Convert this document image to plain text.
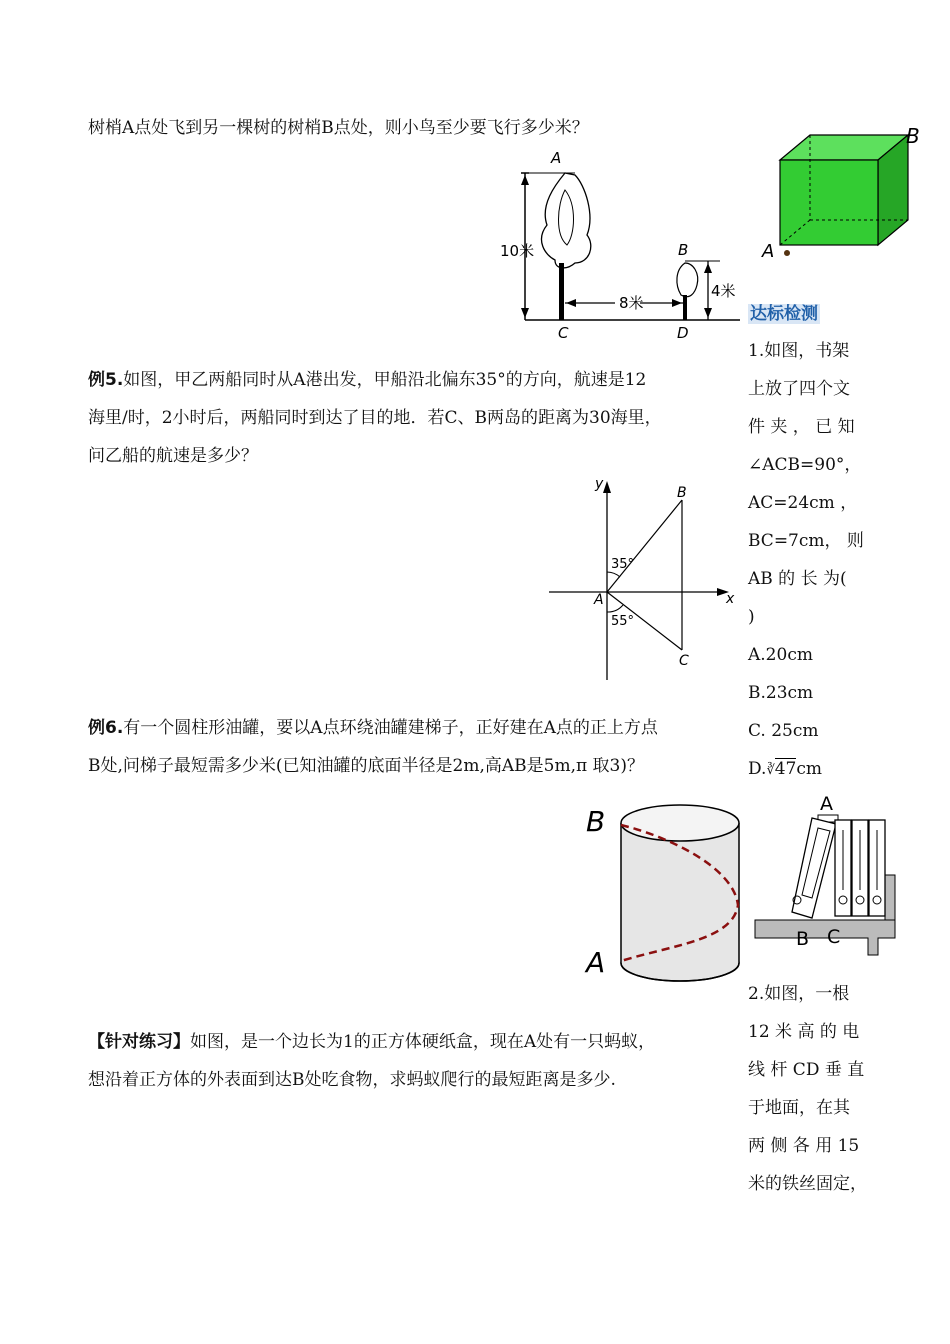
树梢A点处飞到另一棵树的树梢B点处，则小鸟至少要飞行多少米？
A
B
C	D
10米
4米
8米
A
B
例5.如图，甲乙两船同时从A港出发，甲船沿北偏东35°的方向，航速是12
海里/时，2小时后，两船同时到达了目的地．若C、B两岛的距离为30海里，
问乙船的航速是多少？
y
x
A
B
C
35°
55°
例6.有一个圆柱形油罐，要以A点环绕油罐建梯子，正好建在A点的正上方点
B处,问梯子最短需多少米(已知油罐的底面半径是2m,高AB是5m,π 取3)？
B
A
【针对练习】如图，是一个边长为1的正方体硬纸盒，现在A处有一只蚂蚁，
想沿着正方体的外表面到达B处吃食物，求蚂蚁爬行的最短距离是多少.
达标检测
1.如图，书架
上放了四个文
件 夹 ， 已 知
∠ACB=90°，
AC=24cm ，
BC=7cm， 则
AB 的 长 为(
)
A.20cm
B.23cm
C. 25cm
D.∛47cm
A
B C
2.如图，一根
12 米 高 的 电
线 杆 CD 垂 直
于地面，在其
两 侧 各 用 15
米的铁丝固定，
